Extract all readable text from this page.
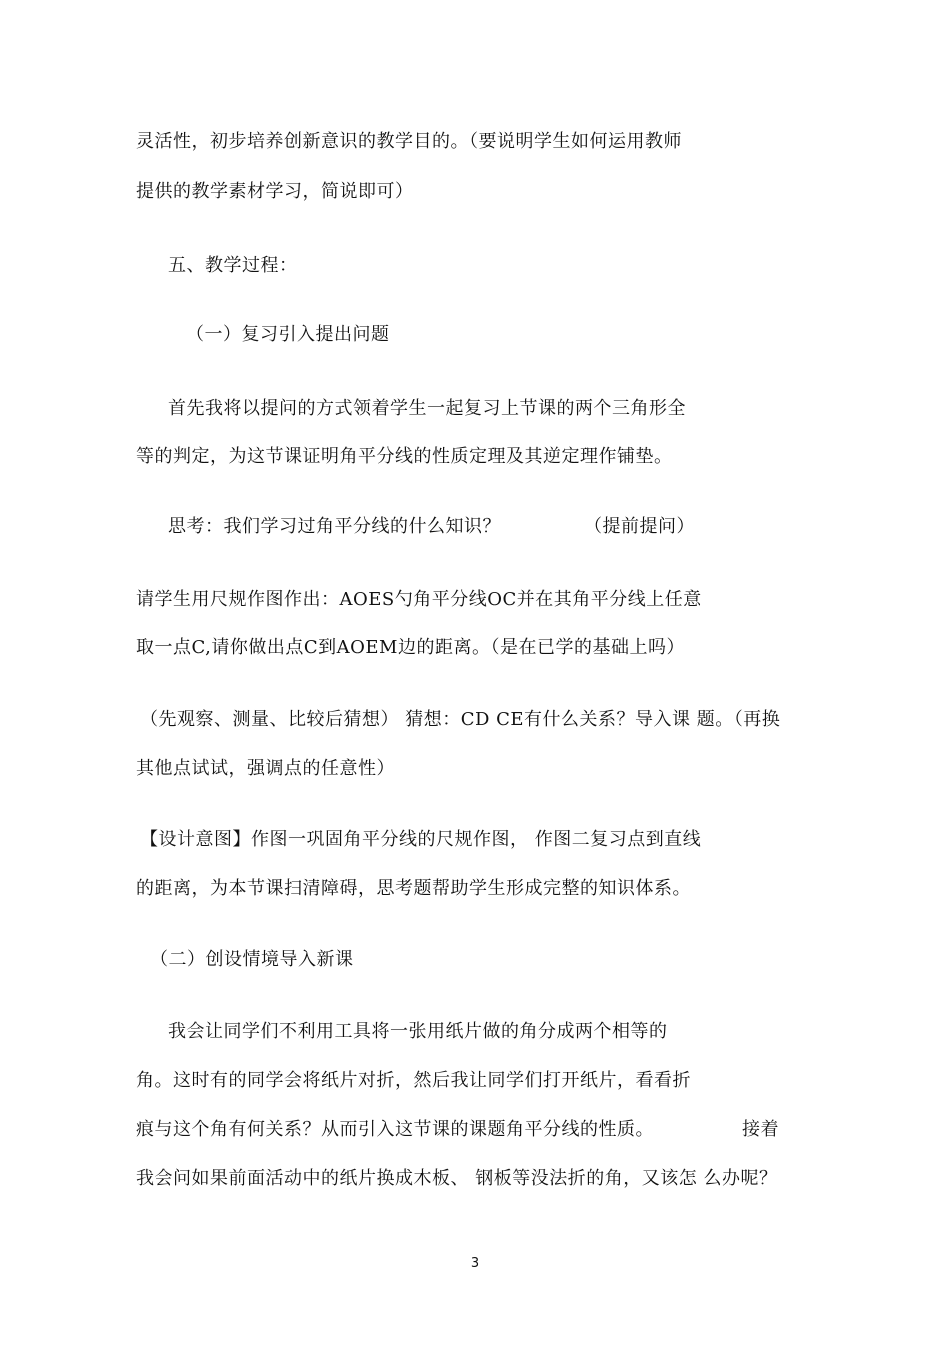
灵活性，初步培养创新意识的教学目的。（要说明学生如何运用教师
提供的教学素材学习，简说即可）
五、教学过程：
（一）复习引入提出问题
首先我将以提问的方式领着学生一起复习上节课的两个三角形全
等的判定，为这节课证明角平分线的性质定理及其逆定理作铺垫。
思考：我们学习过角平分线的什么知识？	（提前提问）
请学生用尺规作图作出：AOES勺角平分线OC并在其角平分线上任意
取一点C,请你做出点C到AOEM边的距离。（是在已学的基础上吗）
（先观察、测量、比较后猜想） 猜想：CD CE有什么关系？导入课 题。（再换
其他点试试，强调点的任意性）
【设计意图】作图一巩固角平分线的尺规作图， 作图二复习点到直线
的距离，为本节课扫清障碍，思考题帮助学生形成完整的知识体系。
（二）创设情境导入新课
我会让同学们不利用工具将一张用纸片做的角分成两个相等的
角。这时有的同学会将纸片对折，然后我让同学们打开纸片，看看折
痕与这个角有何关系？从而引入这节课的课题角平分线的性质。	接着
我会问如果前面活动中的纸片换成木板、 钢板等没法折的角，又该怎 么办呢？
3
